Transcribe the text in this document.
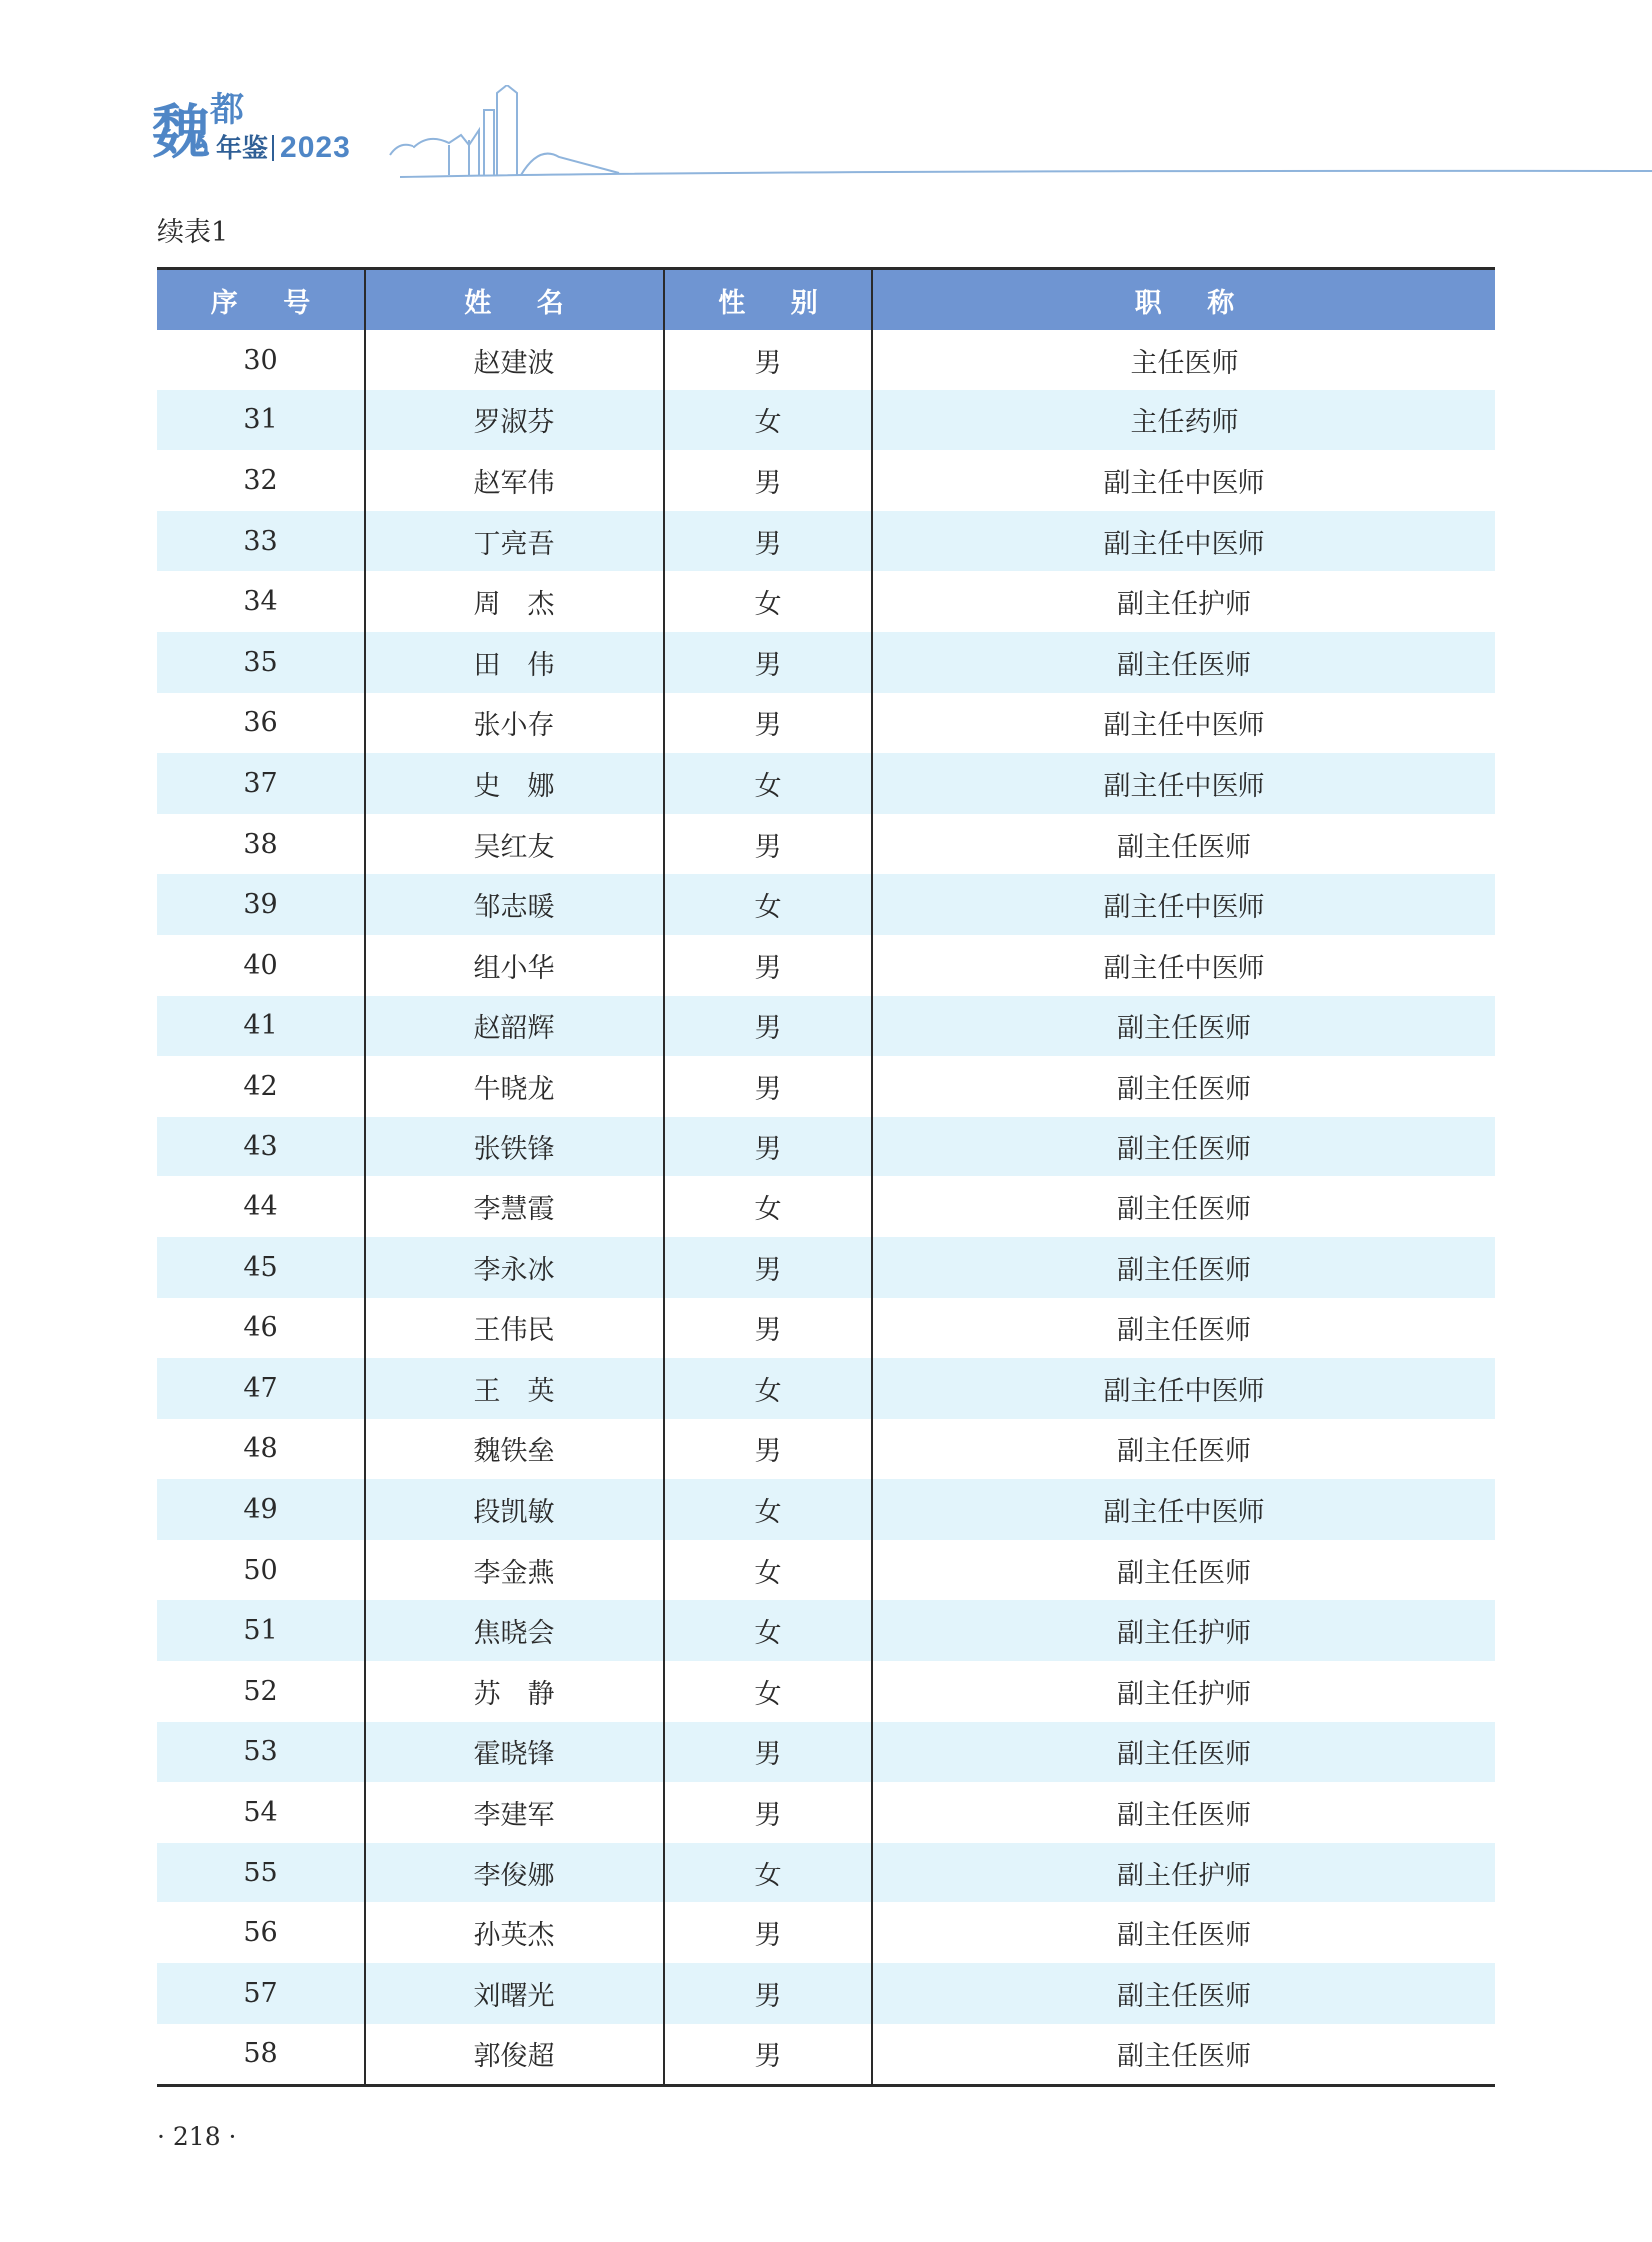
魏 都
年鉴 2023
续表1
序 号	姓 名	性 别	职 称
30	赵建波	男	主任医师
31	罗淑芬	女	主任药师
32	赵军伟	男	副主任中医师
33	丁亮吾	男	副主任中医师
34	周　杰	女	副主任护师
35	田　伟	男	副主任医师
36	张小存	男	副主任中医师
37	史　娜	女	副主任中医师
38	吴红友	男	副主任医师
39	邹志暖	女	副主任中医师
40	组小华	男	副主任中医师
41	赵韶辉	男	副主任医师
42	牛晓龙	男	副主任医师
43	张铁锋	男	副主任医师
44	李慧霞	女	副主任医师
45	李永冰	男	副主任医师
46	王伟民	男	副主任医师
47	王　英	女	副主任中医师
48	魏铁垒	男	副主任医师
49	段凯敏	女	副主任中医师
50	李金燕	女	副主任医师
51	焦晓会	女	副主任护师
52	苏　静	女	副主任护师
53	霍晓锋	男	副主任医师
54	李建军	男	副主任医师
55	李俊娜	女	副主任护师
56	孙英杰	男	副主任医师
57	刘曙光	男	副主任医师
58	郭俊超	男	副主任医师
· 218 ·
